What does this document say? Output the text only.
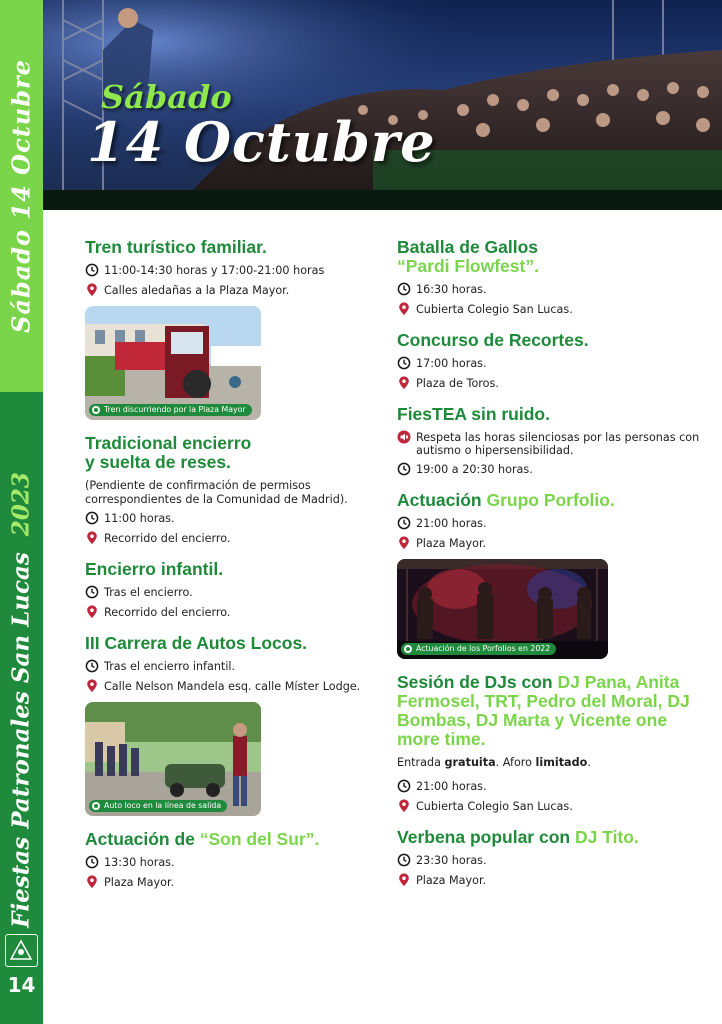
Sábado 14 Octubre
Fiestas Patronales San Lucas  2023
14
Sábado
14 Octubre
Tren turístico familiar.
11:00-14:30 horas y 17:00-21:00 horas
Calles aledañas a la Plaza Mayor.
Tren discurriendo por la Plaza Mayor
Tradicional encierro
y suelta de reses.
(Pendiente de confirmación de permisos correspondientes de la Comunidad de Madrid).
11:00 horas.
Recorrido del encierro.
Encierro infantil.
Tras el encierro.
Recorrido del encierro.
III Carrera de Autos Locos.
Tras el encierro infantil.
Calle Nelson Mandela esq. calle Míster Lodge.
Auto loco en la línea de salida
Actuación de “Son del Sur”.
13:30 horas.
Plaza Mayor.
Batalla de Gallos
“Pardi Flowfest”.
16:30 horas.
Cubierta Colegio San Lucas.
Concurso de Recortes.
17:00 horas.
Plaza de Toros.
FiesTEA sin ruido.
Respeta las horas silenciosas por las personas con autismo o hipersensibilidad.
19:00 a 20:30 horas.
Actuación Grupo Porfolio.
21:00 horas.
Plaza Mayor.
Actuación de los Porfolios en 2022
Sesión de DJs con DJ Pana, Anita Fermosel, TRT, Pedro del Moral, DJ Bombas, DJ Marta y Vicente one more time.
Entrada gratuita. Aforo limitado.
21:00 horas.
Cubierta Colegio San Lucas.
Verbena popular con DJ Tito.
23:30 horas.
Plaza Mayor.
